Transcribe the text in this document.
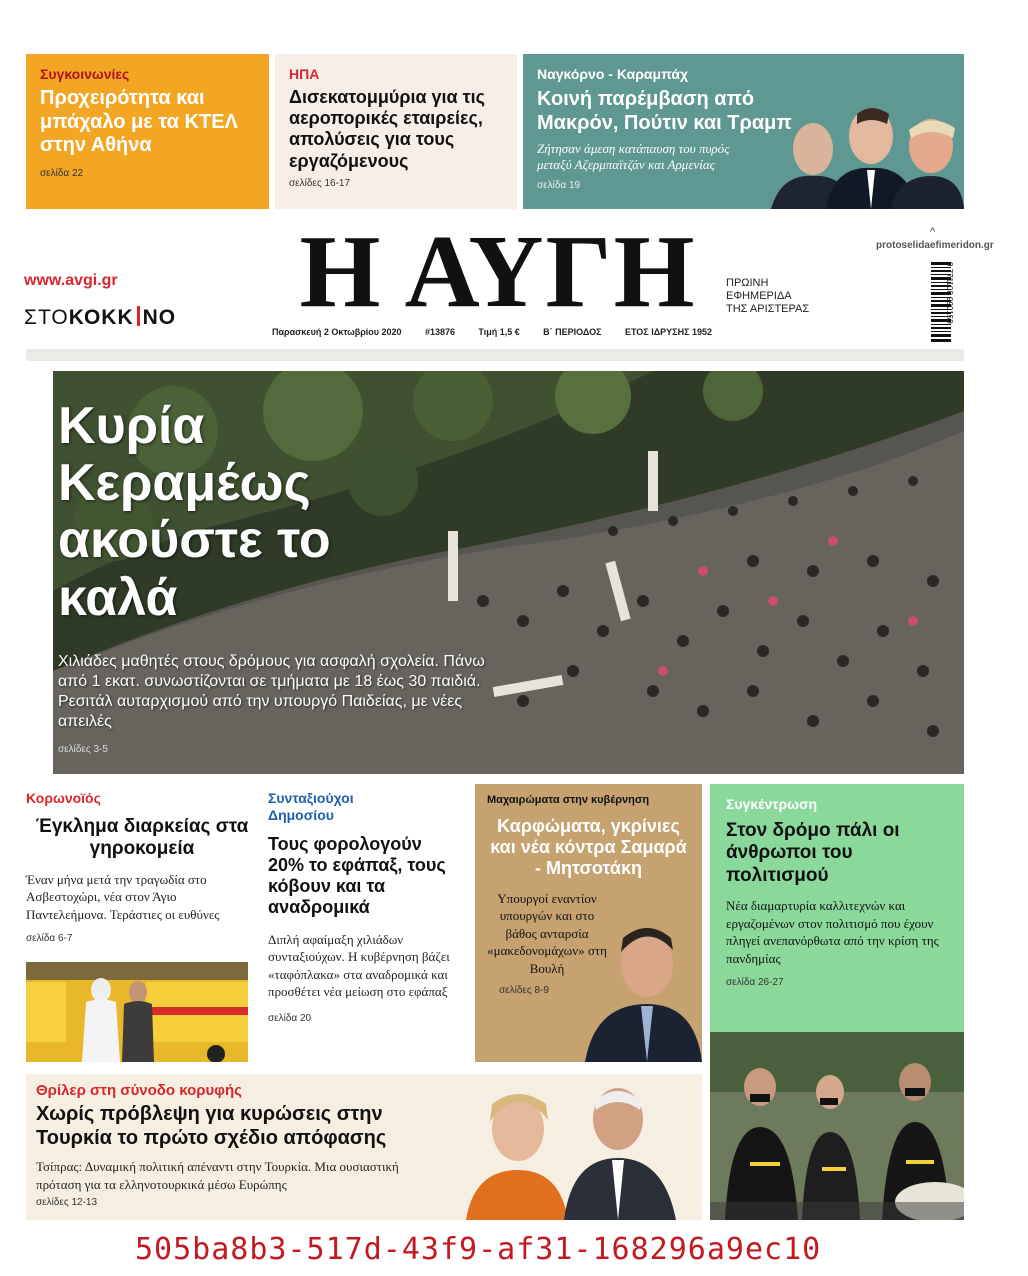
Συγκοινωνίες
Προχειρότητα και μπάχαλο με τα ΚΤΕΛ στην Αθήνα
σελίδα 22
ΗΠΑ
Δισεκατομμύρια για τις αεροπορικές εταιρείες, απολύσεις για τους εργαζόμενους
σελίδες 16-17
Ναγκόρνο - Καραμπάχ
Κοινή παρέμβαση από Μακρόν, Πούτιν και Τραμπ
Ζήτησαν άμεση κατάπαυση του πυρός μεταξύ Αζερμπαϊτζάν και Αρμενίας
σελίδα 19
www.avgi.gr
ΣΤΟΚΟΚΚ ΝΟ Η ΑΥΓΗ	ΠΡΩΙΝΗ
ΕΦΗΜΕΡΙΔΑ
ΤΗΣ ΑΡΙΣΤΕΡΑΣ
Παρασκευή 2 Οκτωβρίου 2020	#13876	Τιμή 1,5 €	Β΄ ΠΕΡΙΟΔΟΣ	ΕΤΟΣ ΙΔΡΥΣΗΣ 1952
^
protoselidaefimeridon.gr
9 771108 990159
Κυρία
Κεραμέως
ακούστε το
καλά
Χιλιάδες μαθητές στους δρόμους για ασφαλή σχολεία. Πάνω από 1 εκατ. συνωστίζονται σε τμήματα με 18 έως 30 παιδιά. Ρεσιτάλ αυταρχισμού από την υπουργό Παιδείας, με νέες απειλές
σελίδες 3-5
Κορωνοϊός
Έγκλημα διαρκείας στα γηροκομεία
Έναν μήνα μετά την τραγωδία στο Ασβεστοχώρι, νέα στον Άγιο Παντελεήμονα. Τεράστιες οι ευθύνες
σελίδα 6-7
Συνταξιούχοι Δημοσίου
Τους φορολογούν 20% το εφάπαξ, τους κόβουν και τα αναδρομικά
Διπλή αφαίμαξη χιλιάδων συνταξιούχων. Η κυβέρνηση βάζει «ταφόπλακα» στα αναδρομικά και προσθέτει νέα μείωση στο εφάπαξ
σελίδα 20
Μαχαιρώματα στην κυβέρνηση
Καρφώματα, γκρίνιες και νέα κόντρα Σαμαρά - Μητσοτάκη
Υπουργοί εναντίον υπουργών και στο βάθος ανταρσία «μακεδονομάχων» στη Βουλή
σελίδες 8-9
Συγκέντρωση
Στον δρόμο πάλι οι άνθρωποι του πολιτισμού
Νέα διαμαρτυρία καλλιτεχνών και εργαζομένων στον πολιτισμό που έχουν πληγεί ανεπανόρθωτα από την κρίση της πανδημίας
σελίδα 26-27
Θρίλερ στη σύνοδο κορυφής
Χωρίς πρόβλεψη για κυρώσεις στην Τουρκία το πρώτο σχέδιο απόφασης
Τσίπρας: Δυναμική πολιτική απέναντι στην Τουρκία. Μια ουσιαστική πρόταση για τα ελληνοτουρκικά μέσω Ευρώπης
σελίδες 12-13
505ba8b3-517d-43f9-af31-168296a9ec10
